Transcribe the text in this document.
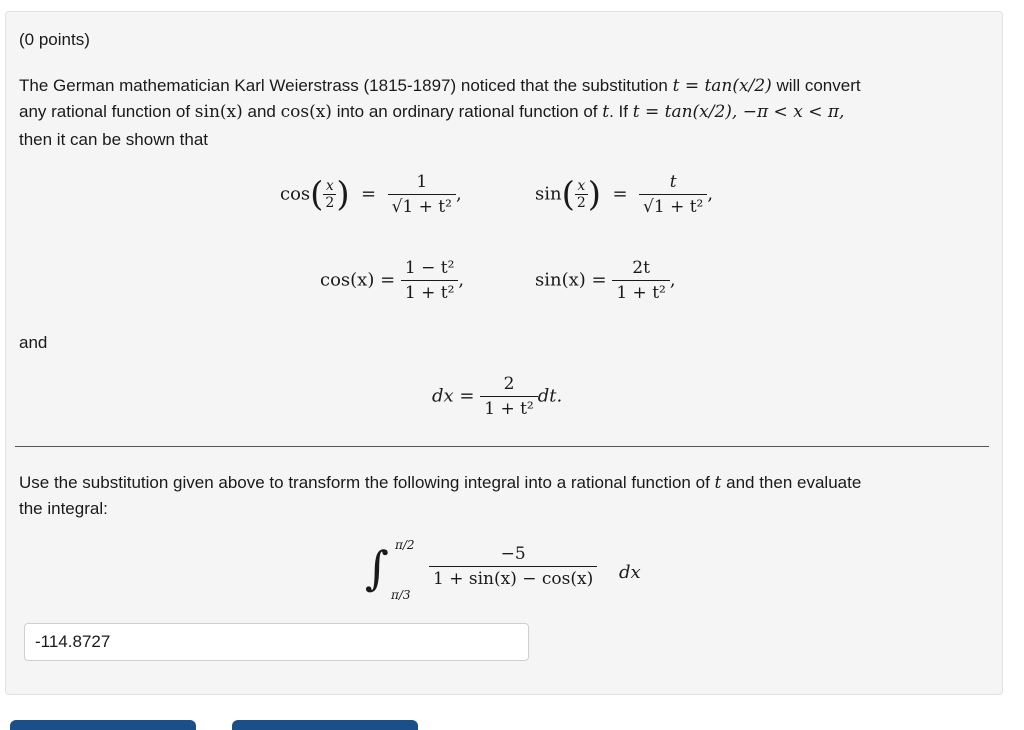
(0 points)
The German mathematician Karl Weierstrass (1815-1897) noticed that the substitution t = tan(x/2) will convert
any rational function of sin(x) and cos(x) into an ordinary rational function of t. If t = tan(x/2), −π < x < π,
then it can be shown that
$\cos( \frac{x}{2}$ )  = $\frac{1}{\text{√1 + t²}}$ ,	$\sin( \frac{x}{2}$ )  = $\frac{t}{\text{√1 + t²}}$ ,
$\cos(x) = \frac{\text{1 − t²}}{\text{1 + t²}}$ ,	$\sin(x) = \frac{2t}{\text{1 + t²}}$ ,
and
dx = $\frac{2}{\text{1 + t²}}$ dt.
Use the substitution given above to transform the following integral into a rational function of t and then evaluate
the integral:
∫ π/2
π/3
$\frac{-5}{1 + \sin(x) - \cos(x)}$ dx
-114.8727
